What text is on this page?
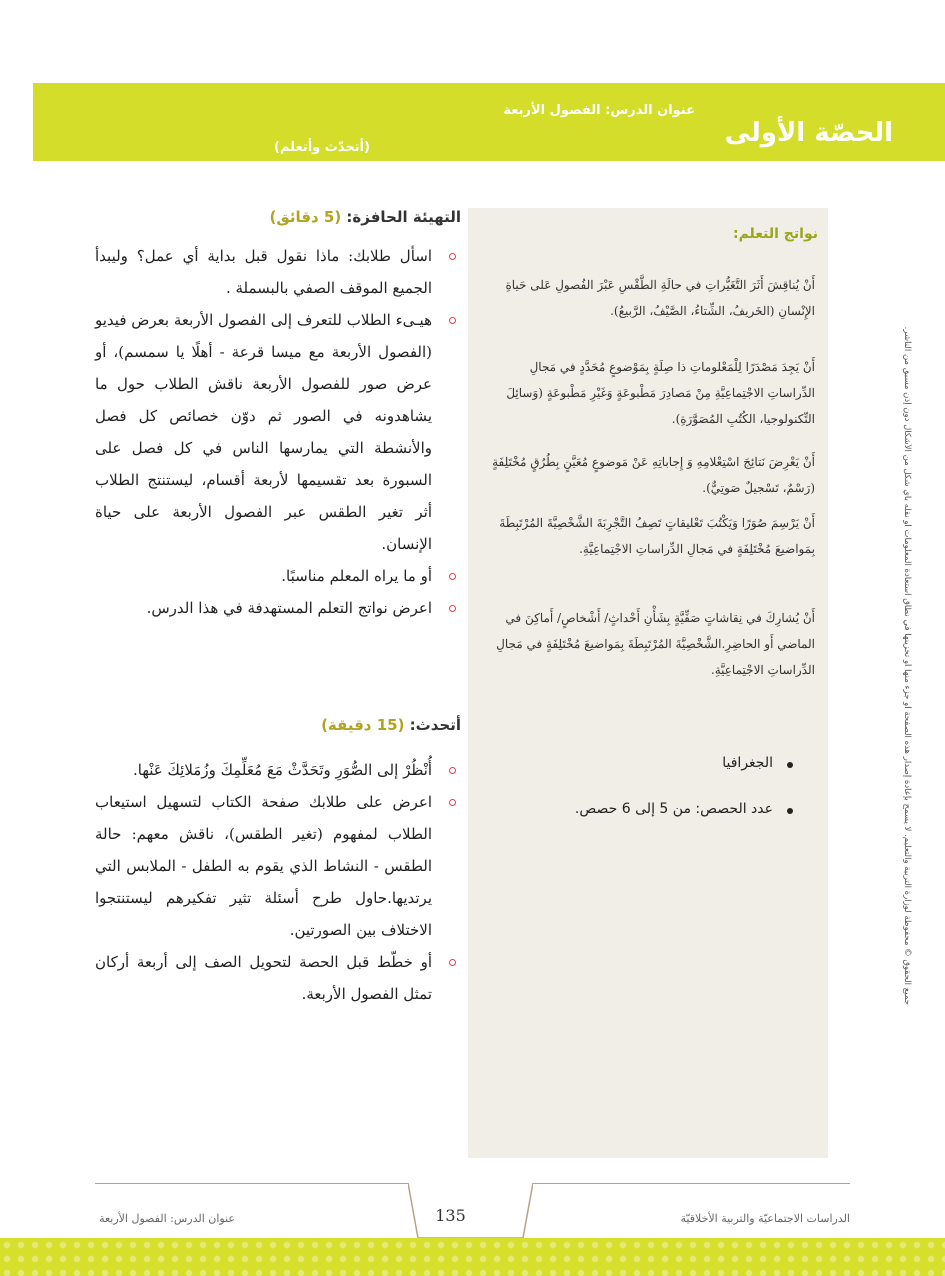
الحصّة الأولى
عنوان الدرس: الفصول الأربعة
(أتحدّث وأتعلم)
جميع الحقوق © محفوظة لوزارة التربية والتعليم. لا يسمح بإعادة إصدار هذه الصفحة أو جزء منها أو تخزينها في نطاق استعادة المعلومات أو نقله بأي شكل من الأشكال دون إذن مسبق من الناشر.
نواتج التعلم:
أَنْ يُناقِشَ أَثَرَ التَّغَيُّراتِ في حالَةِ الطَّقْسِ عَبْرَ الفُصولِ عَلى حَياةِ الإِنْسانِ (الخَريفُ، الشِّتاءُ، الصَّيْفُ، الرَّبيعُ).
أَنْ يَجِدَ مَصْدَرًا لِلْمَعْلوماتِ ذا صِلَةٍ بِمَوْضوعٍ مُحَدَّدٍ في مَجالِ الدِّراساتِ الاجْتِماعِيَّةِ مِنْ مَصادِرَ مَطْبوعَةٍ وَغَيْرِ مَطْبوعَةٍ (وَسائِلَ التِّكنولوجيا، الكُتُبِ المُصَوَّرَةِ).
أَنْ يَعْرِضَ نَتائِجَ اسْتِعْلامِهِ وَ إِجاباتِهِ عَنْ مَوضوعٍ مُعَيَّنٍ بِطُرُقٍ مُخْتَلِفَةٍ (رَسْمٌ، تَسْجيلٌ صَوتِيٌّ).
أَنْ يَرْسِمَ صُوَرًا وَيَكْتُبَ تَعْليقاتٍ تَصِفُ التَّجْرِبَةَ الشَّخْصِيَّةَ المُرْتَبِطَةَ بِمَواضيعَ مُخْتَلِفَةٍ في مَجالِ الدِّراساتِ الاجْتِماعِيَّةِ.
أَنْ يُشارِكَ في نِقاشاتٍ صَفِّيَّةٍ بِشَأْنِ أَحْداثٍ/ أَشْخاصٍ/ أَماكِنَ في الماضي أَو الحاضِرِ.الشَّخْصِيَّةَ المُرْتَبِطَةَ بِمَواضيعَ مُخْتَلِفَةٍ في مَجالِ الدِّراساتِ الاجْتِماعِيَّةِ.
الجغرافيا
عدد الحصص: من 5 إلى 6 حصص.
التهيئة الحافزة: (5 دقائق)

اسأل طلابك: ماذا نقول قبل بداية أي عمل؟ وليبدأ الجميع الموقف الصفي بالبسملة .

هيـىء الطلاب للتعرف إلى الفصول الأربعة بعرض فيديو (الفصول الأربعة مع ميسا قرعة - أهلًا يا سمسم)، أو عرض صور للفصول الأربعة ناقش الطلاب حول ما يشاهدونه في الصور ثم دوّن خصائص كل فصل والأنشطة التي يمارسها الناس في كل فصل على السبورة بعد تقسيمها لأربعة أقسام، ليستنتج الطلاب أثر تغير الطقس عبر الفصول الأربعة على حياة الإنسان.

أو ما يراه المعلم مناسبًا.

اعرض نواتج التعلم المستهدفة في هذا الدرس.

أتحدث: (15 دقيقة)

أُنْظُرْ إلى الصُّوَرِ وتَحَدَّثْ مَعَ مُعَلِّمِكَ وزُمَلائِكَ عَنْها.

اعرض على طلابك صفحة الكتاب لتسهيل استيعاب الطلاب لمفهوم (تغير الطقس)، ناقش معهم: حالة الطقس - النشاط الذي يقوم به الطفل - الملابس التي يرتديها.حاول طرح أسئلة تثير تفكيرهم ليستنتجوا الاختلاف بين الصورتين.

أو خطّط قبل الحصة لتحويل الصف إلى أربعة أركان تمثل الفصول الأربعة.

135
عنوان الدرس: الفصول الأربعة	الدراسات الاجتماعيّة والتربية الأخلاقيّة
